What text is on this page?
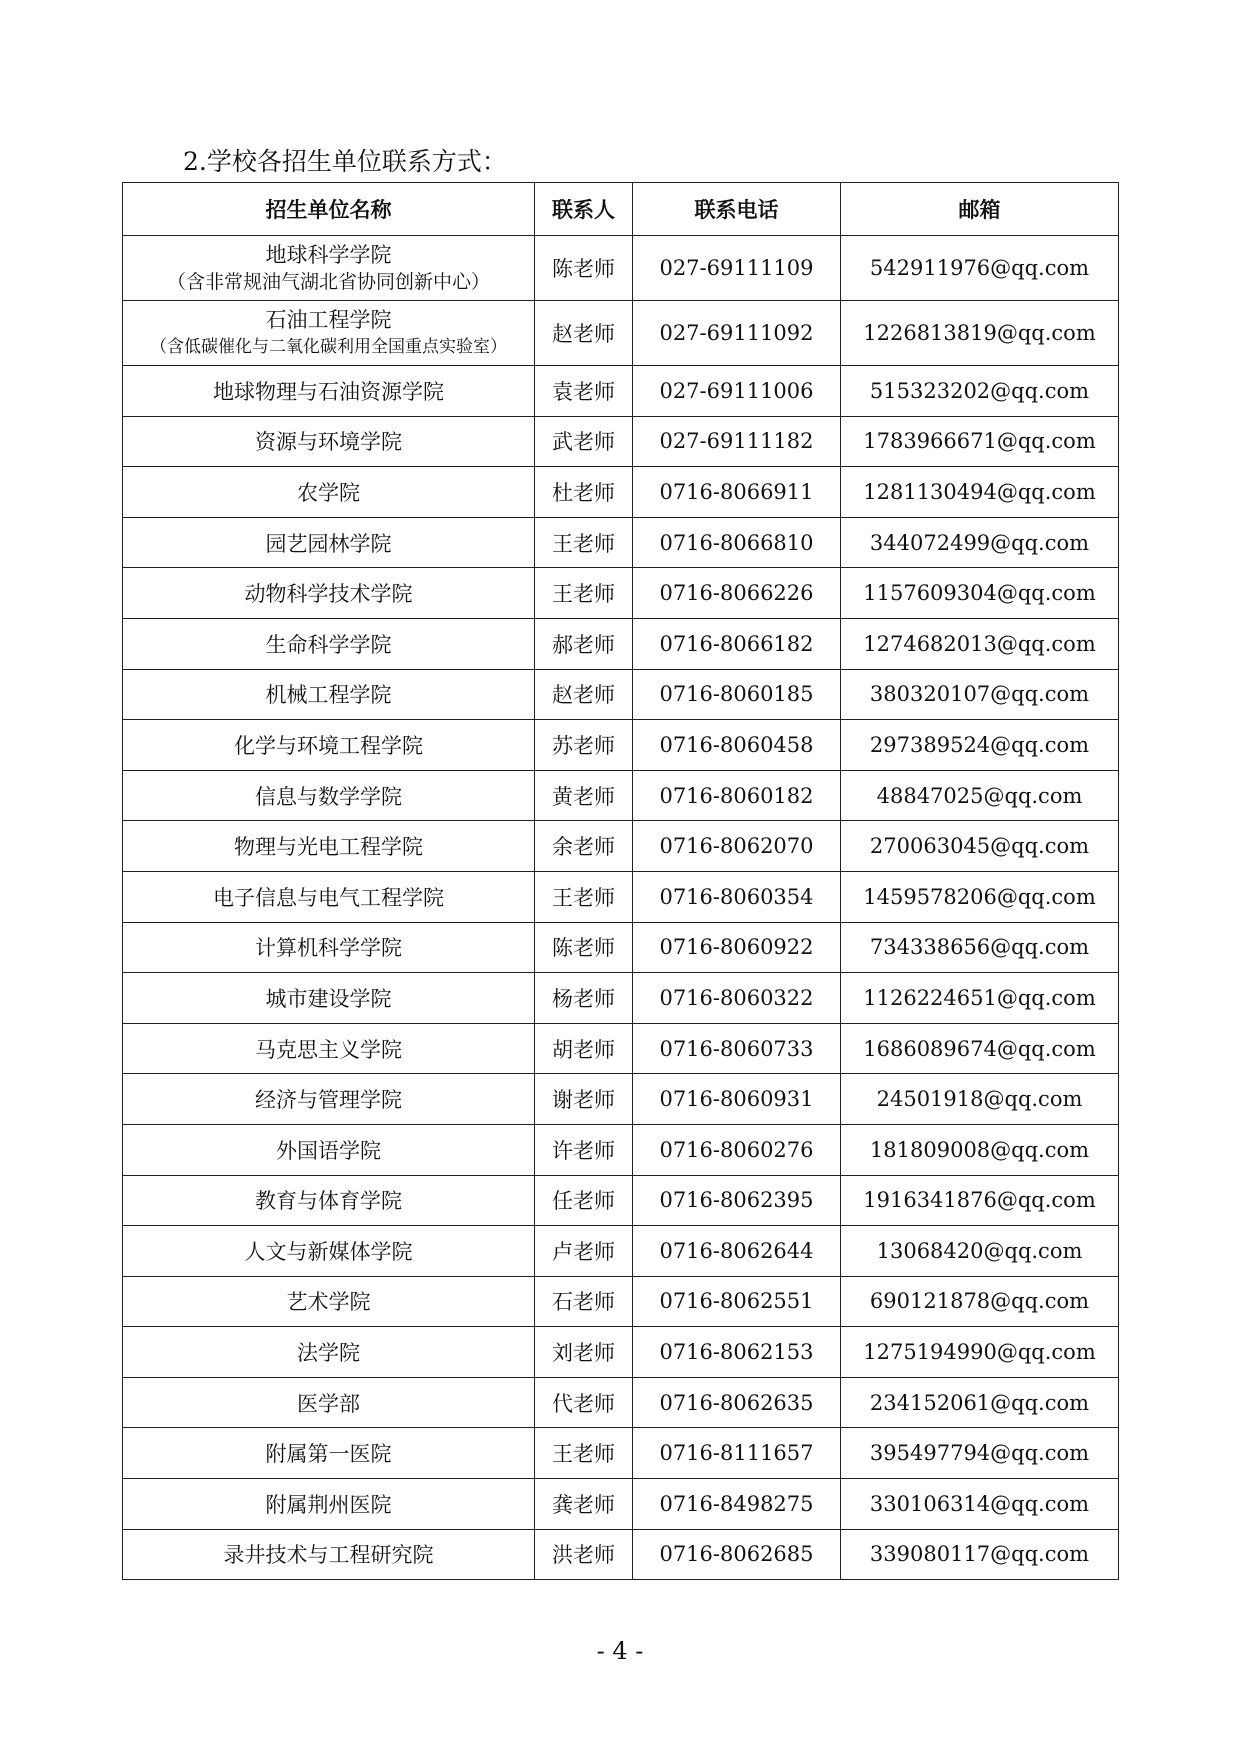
2.学校各招生单位联系方式：
招生单位名称	联系人	联系电话	邮箱

地球科学学院
（含非常规油气湖北省协同创新中心）	陈老师	027-69111109	542911976@qq.com

石油工程学院
（含低碳催化与二氧化碳利用全国重点实验室）	赵老师	027-69111092	1226813819@qq.com
地球物理与石油资源学院	袁老师	027-69111006	515323202@qq.com
资源与环境学院	武老师	027-69111182	1783966671@qq.com
农学院	杜老师	0716-8066911	1281130494@qq.com
园艺园林学院	王老师	0716-8066810	344072499@qq.com
动物科学技术学院	王老师	0716-8066226	1157609304@qq.com
生命科学学院	郝老师	0716-8066182	1274682013@qq.com
机械工程学院	赵老师	0716-8060185	380320107@qq.com
化学与环境工程学院	苏老师	0716-8060458	297389524@qq.com
信息与数学学院	黄老师	0716-8060182	48847025@qq.com
物理与光电工程学院	余老师	0716-8062070	270063045@qq.com
电子信息与电气工程学院	王老师	0716-8060354	1459578206@qq.com
计算机科学学院	陈老师	0716-8060922	734338656@qq.com
城市建设学院	杨老师	0716-8060322	1126224651@qq.com
马克思主义学院	胡老师	0716-8060733	1686089674@qq.com
经济与管理学院	谢老师	0716-8060931	24501918@qq.com
外国语学院	许老师	0716-8060276	181809008@qq.com
教育与体育学院	任老师	0716-8062395	1916341876@qq.com
人文与新媒体学院	卢老师	0716-8062644	13068420@qq.com
艺术学院	石老师	0716-8062551	690121878@qq.com
法学院	刘老师	0716-8062153	1275194990@qq.com
医学部	代老师	0716-8062635	234152061@qq.com
附属第一医院	王老师	0716-8111657	395497794@qq.com
附属荆州医院	龚老师	0716-8498275	330106314@qq.com
录井技术与工程研究院	洪老师	0716-8062685	339080117@qq.com
- 4 -
